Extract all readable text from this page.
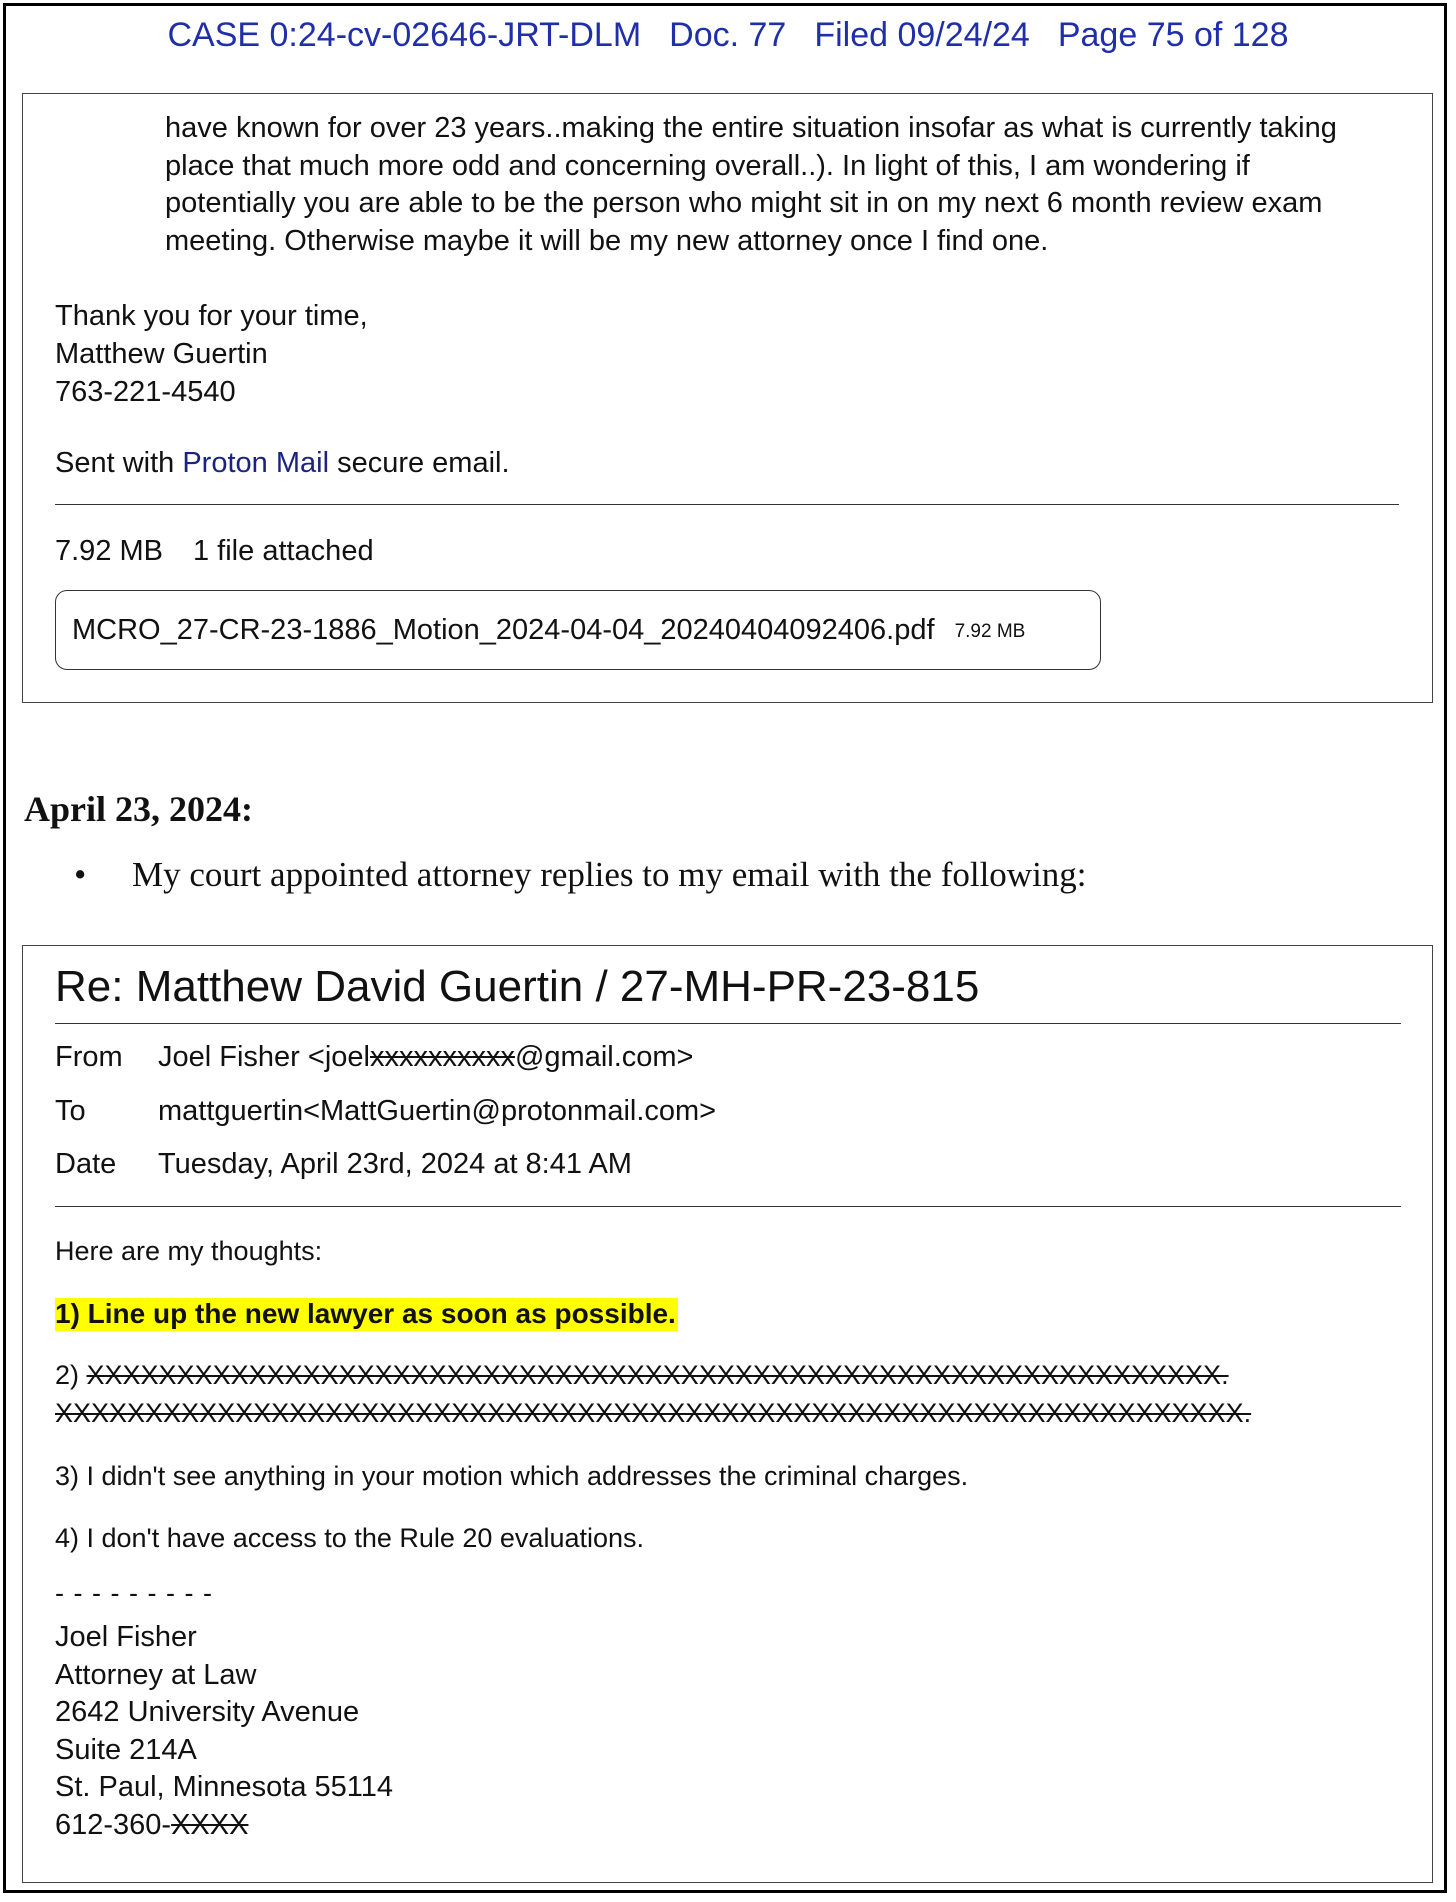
CASE 0:24-cv-02646-JRT-DLM Doc. 77 Filed 09/24/24 Page 75 of 128
have known for over 23 years..making the entire situation insofar as what is currently taking
place that much more odd and concerning overall..). In light of this, I am wondering if
potentially you are able to be the person who might sit in on my next 6 month review exam
meeting. Otherwise maybe it will be my new attorney once I find one.
Thank you for your time,
Matthew Guertin
763-221-4540
Sent with Proton Mail secure email.
7.92 MB 1 file attached
MCRO_27-CR-23-1886_Motion_2024-04-04_20240404092406.pdf 7.92 MB
April 23, 2024:
• My court appointed attorney replies to my email with the following:
Re: Matthew David Guertin / 27-MH-PR-23-815
From Joel Fisher <joelxxxxxxxxxx@gmail.com>
To mattguertin<MattGuertin@protonmail.com>
Date Tuesday, April 23rd, 2024 at 8:41 AM
Here are my thoughts:
1) Line up the new lawyer as soon as possible.
2) XXXXXXXXXXXXXXXXXXXXXXXXXXXXXXXXXXXXXXXXXXXXXXXXXXXXXXXXXXXXXXX.
XXXXXXXXXXXXXXXXXXXXXXXXXXXXXXXXXXXXXXXXXXXXXXXXXXXXXXXXXXXXXXXXXX.
3) I didn't see anything in your motion which addresses the criminal charges.
4) I don't have access to the Rule 20 evaluations.
- - - - - - - - -
Joel Fisher
Attorney at Law
2642 University Avenue
Suite 214A
St. Paul, Minnesota 55114
612-360-XXXX
